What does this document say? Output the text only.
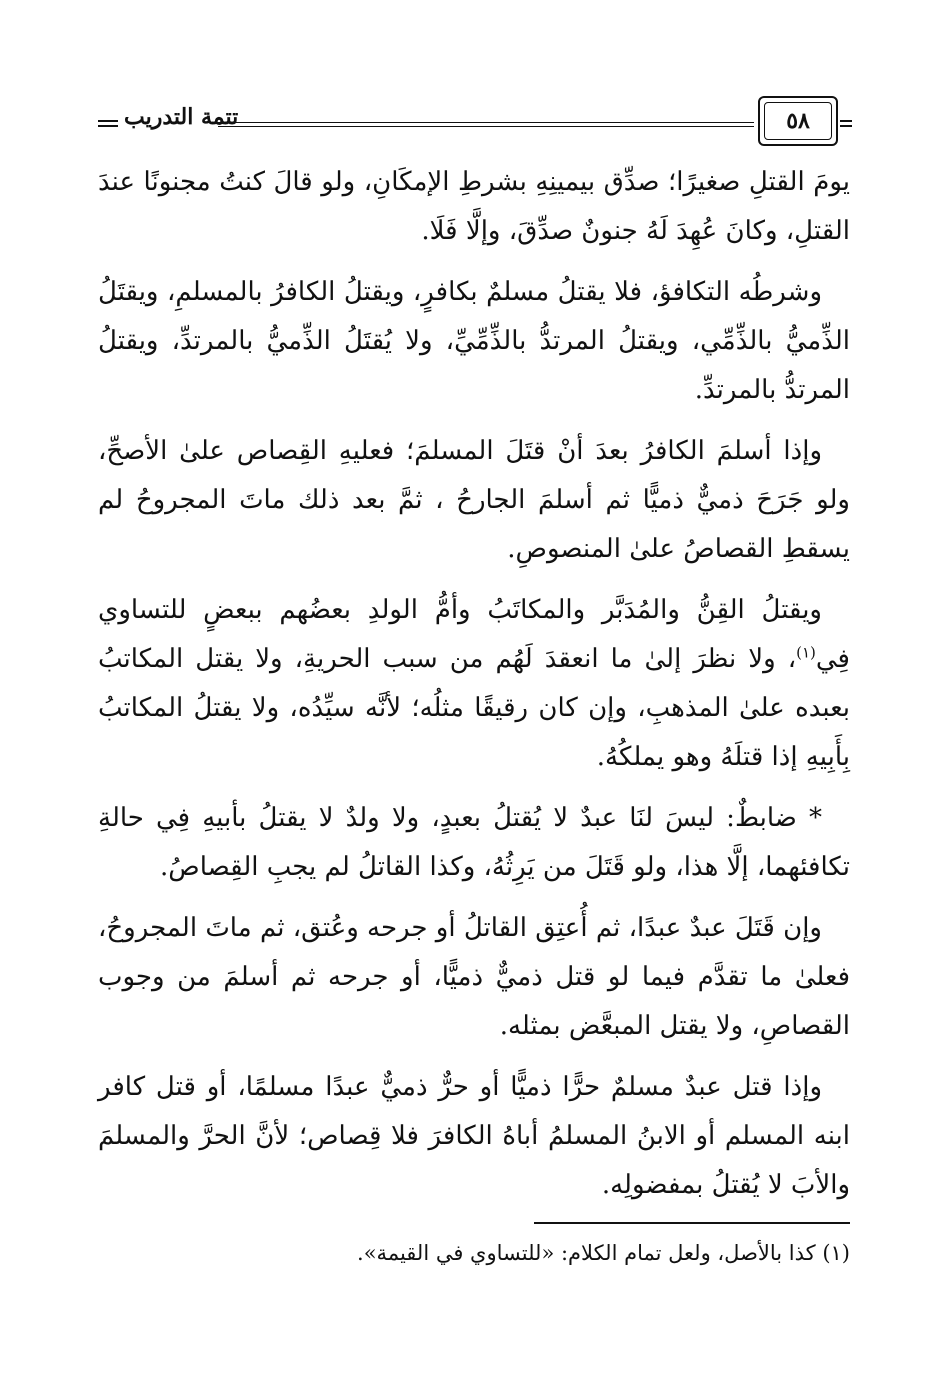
٥٨
تتمة التدريب

يومَ القتلِ صغيرًا؛ صدِّق بيمينِهِ بشرطِ الإمكَانِ، ولو قالَ كنتُ مجنونًا عندَ القتلِ، وكانَ عُهِدَ لَهُ جنونٌ صدِّقَ، وإلَّا فَلَا.

وشرطُه التكافؤ، فلا يقتلُ مسلمٌ بكافرٍ، ويقتلُ الكافرُ بالمسلمِ، ويقتَلُ الذِّميُّ بالذِّمِّي، ويقتلُ المرتدُّ بالذِّمِّيِّ، ولا يُقتَلُ الذِّميُّ بالمرتدِّ، ويقتلُ المرتدُّ بالمرتدِّ.

وإذا أسلمَ الكافرُ بعدَ أنْ قتَلَ المسلمَ؛ فعليهِ القِصاص علىٰ الأصحِّ، ولو جَرَحَ ذميٌّ ذميًّا ثم أسلمَ الجارحُ ، ثمَّ بعد ذلك ماتَ المجروحُ لم يسقطِ القصاصُ علىٰ المنصوصِ.

ويقتلُ القِنُّ والمُدَبَّر والمكاتَبُ وأمُّ الولدِ بعضُهم ببعضٍ للتساوي فِي$^{(١)}$، ولا نظرَ إلىٰ ما انعقدَ لَهُم من سبب الحريةِ، ولا يقتل المكاتبُ بعبده علىٰ المذهبِ، وإن كان رقيقًا مثلُه؛ لأنَّه سيِّدُه، ولا يقتلُ المكاتبُ بِأَبِيهِ إذا قتلَهُ وهو يملكُهُ.

* ضابطٌ: ليسَ لنَا عبدٌ لا يُقتلُ بعبدٍ، ولا ولدٌ لا يقتلُ بأبيهِ فِي حالةِ تكافئهما، إلَّا هذا، ولو قَتَلَ من يَرِثُهُ، وكذا القاتلُ لم يجبِ القِصاصُ.

وإن قَتَلَ عبدٌ عبدًا، ثم أُعتِق القاتلُ أو جرحه وعُتق، ثم ماتَ المجروحُ، فعلىٰ ما تقدَّم فيما لو قتل ذميٌّ ذميًّا، أو جرحه ثم أسلمَ من وجوب القصاصِ، ولا يقتل المبعَّض بمثله.

وإذا قتل عبدٌ مسلمٌ حرًّا ذميًّا أو حرٌّ ذميٌّ عبدًا مسلمًا، أو قتل كافر ابنه المسلم أو الابنُ المسلمُ أباهُ الكافرَ فلا قِصاص؛ لأنَّ الحرَّ والمسلمَ والأبَ لا يُقتلُ بمفضولِه.

(١) كذا بالأصل، ولعل تمام الكلام: «للتساوي في القيمة».
